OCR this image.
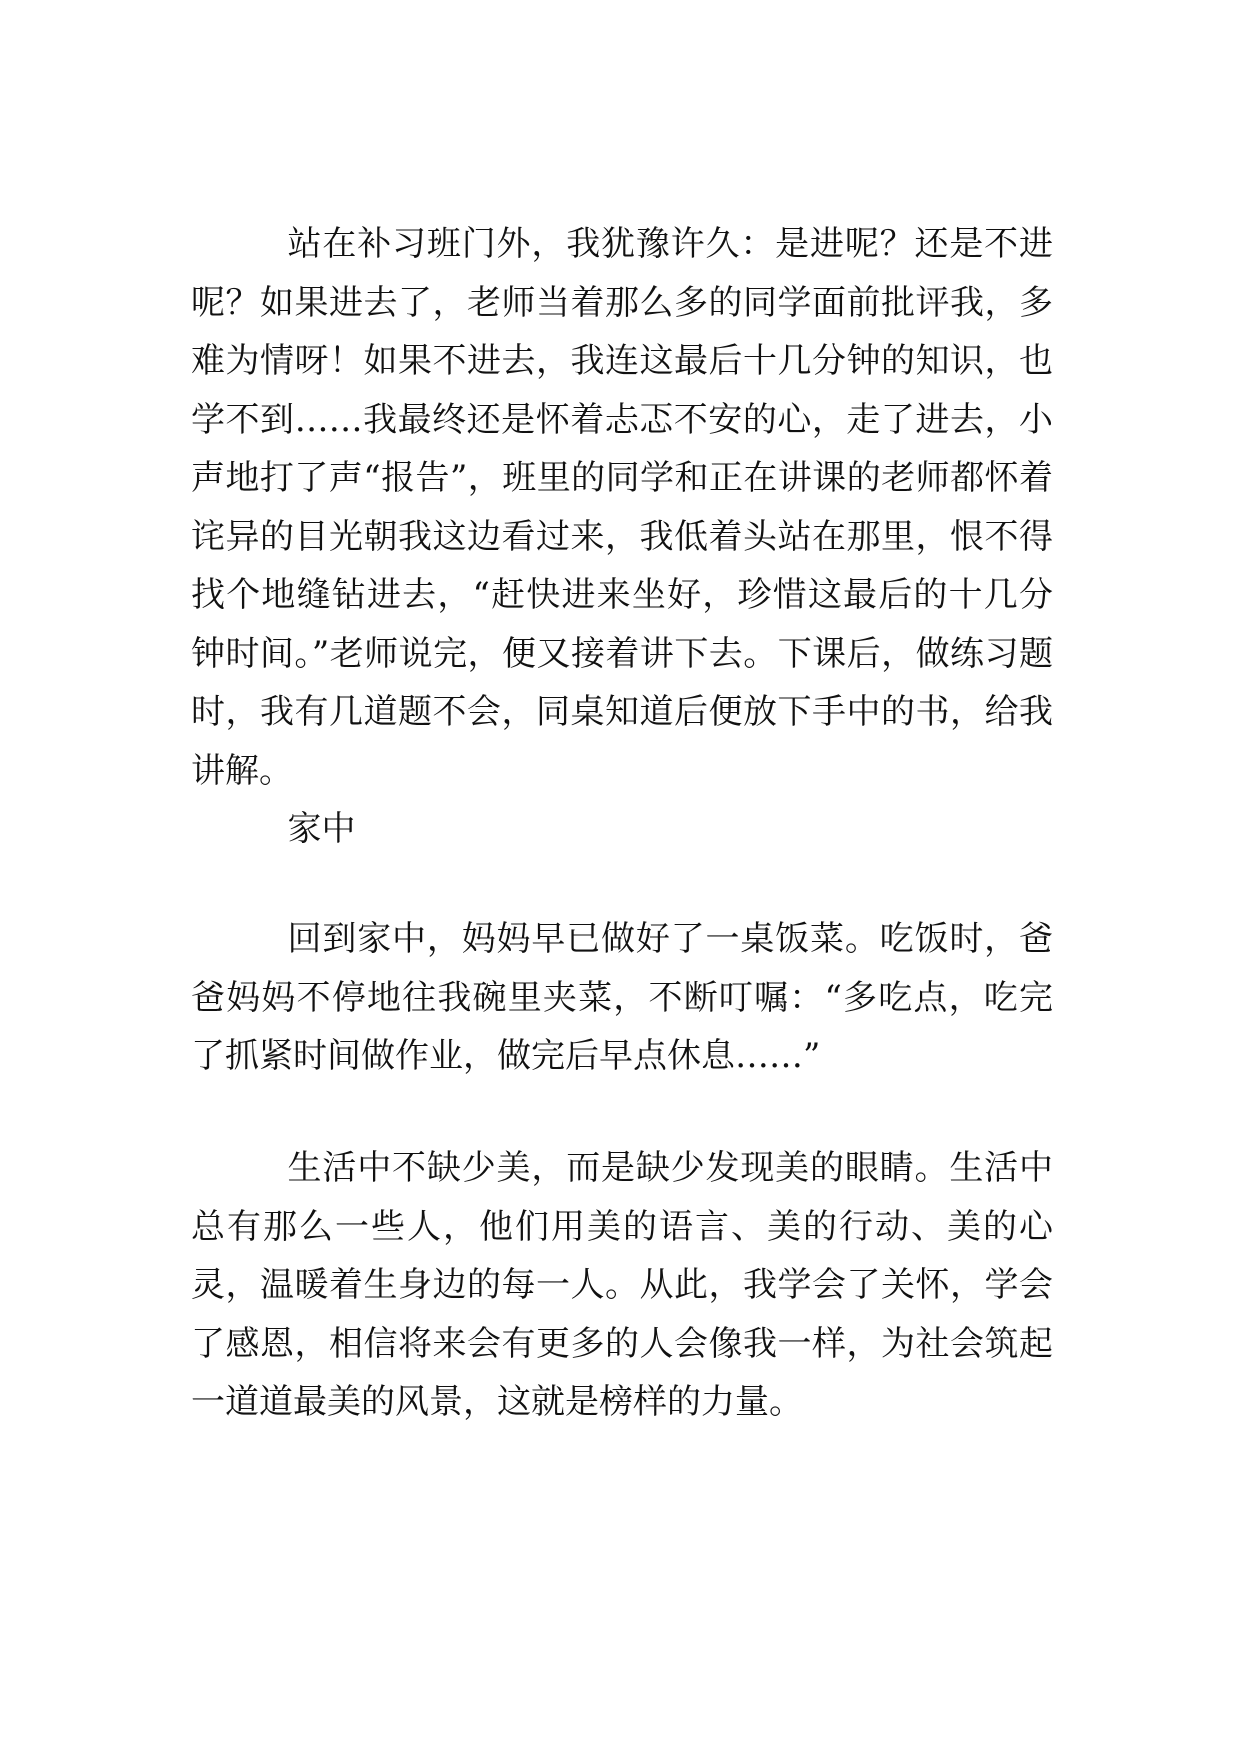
站在补习班门外，我犹豫许久：是进呢？还是不进呢？如果进去了，老师当着那么多的同学面前批评我，多难为情呀！如果不进去，我连这最后十几分钟的知识，也学不到……我最终还是怀着忐忑不安的心，走了进去，小声地打了声“报告”，班里的同学和正在讲课的老师都怀着诧异的目光朝我这边看过来，我低着头站在那里，恨不得找个地缝钻进去，“赶快进来坐好，珍惜这最后的十几分钟时间。”老师说完，便又接着讲下去。下课后，做练习题时，我有几道题不会，同桌知道后便放下手中的书，给我讲解。

家中

回到家中，妈妈早已做好了一桌饭菜。吃饭时，爸爸妈妈不停地往我碗里夹菜，不断叮嘱：“多吃点，吃完了抓紧时间做作业，做完后早点休息……”

生活中不缺少美，而是缺少发现美的眼睛。生活中总有那么一些人，他们用美的语言、美的行动、美的心灵，温暖着生身边的每一人。从此，我学会了关怀，学会了感恩，相信将来会有更多的人会像我一样，为社会筑起一道道最美的风景，这就是榜样的力量。
